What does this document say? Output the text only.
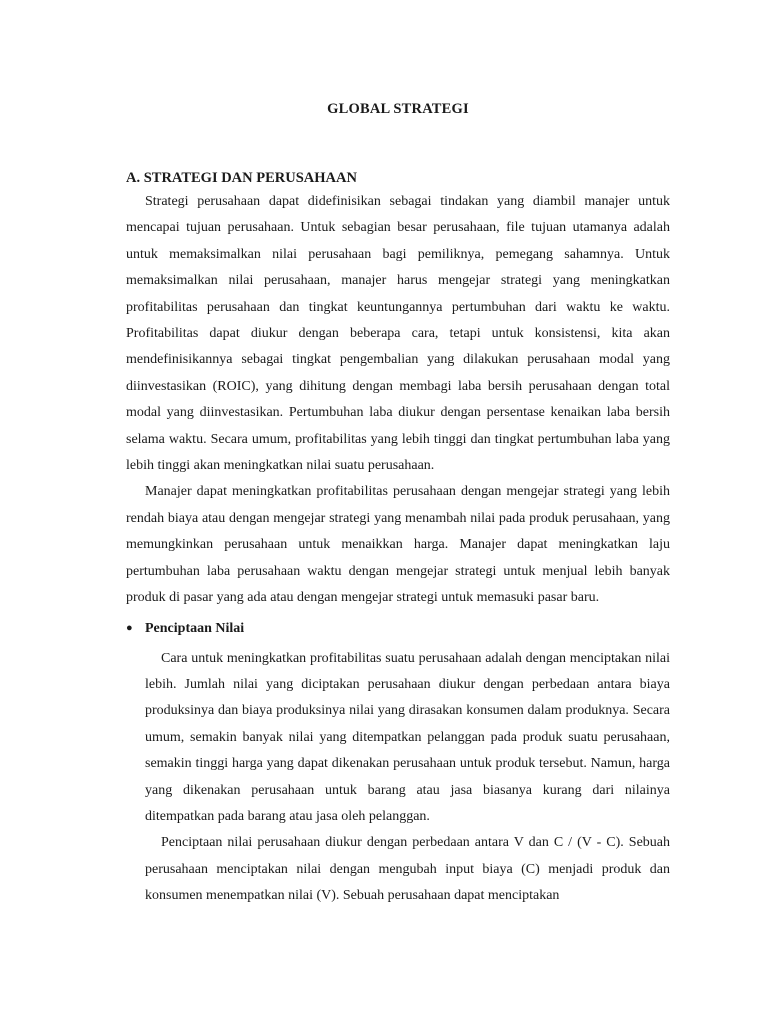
GLOBAL STRATEGI
A. STRATEGI DAN PERUSAHAAN

Strategi perusahaan dapat didefinisikan sebagai tindakan yang diambil manajer untuk mencapai tujuan perusahaan. Untuk sebagian besar perusahaan, file tujuan utamanya adalah untuk memaksimalkan nilai perusahaan bagi pemiliknya, pemegang sahamnya. Untuk memaksimalkan nilai perusahaan, manajer harus mengejar strategi yang meningkatkan profitabilitas perusahaan dan tingkat keuntungannya pertumbuhan dari waktu ke waktu. Profitabilitas dapat diukur dengan beberapa cara, tetapi untuk konsistensi, kita akan mendefinisikannya sebagai tingkat pengembalian yang dilakukan perusahaan modal yang diinvestasikan (ROIC), yang dihitung dengan membagi laba bersih perusahaan dengan total modal yang diinvestasikan. Pertumbuhan laba diukur dengan persentase kenaikan laba bersih selama waktu. Secara umum, profitabilitas yang lebih tinggi dan tingkat pertumbuhan laba yang lebih tinggi akan meningkatkan nilai suatu perusahaan.

Manajer dapat meningkatkan profitabilitas perusahaan dengan mengejar strategi yang lebih rendah biaya atau dengan mengejar strategi yang menambah nilai pada produk perusahaan, yang memungkinkan perusahaan untuk menaikkan harga. Manajer dapat meningkatkan laju pertumbuhan laba perusahaan waktu dengan mengejar strategi untuk menjual lebih banyak produk di pasar yang ada atau dengan mengejar strategi untuk memasuki pasar baru.

● Penciptaan Nilai

Cara untuk meningkatkan profitabilitas suatu perusahaan adalah dengan menciptakan nilai lebih. Jumlah nilai yang diciptakan perusahaan diukur dengan perbedaan antara biaya produksinya dan biaya produksinya nilai yang dirasakan konsumen dalam produknya. Secara umum, semakin banyak nilai yang ditempatkan pelanggan pada produk suatu perusahaan, semakin tinggi harga yang dapat dikenakan perusahaan untuk produk tersebut. Namun, harga yang dikenakan perusahaan untuk barang atau jasa biasanya kurang dari nilainya ditempatkan pada barang atau jasa oleh pelanggan.

Penciptaan nilai perusahaan diukur dengan perbedaan antara V dan C / (V - C). Sebuah perusahaan menciptakan nilai dengan mengubah input biaya (C) menjadi produk dan konsumen menempatkan nilai (V). Sebuah perusahaan dapat menciptakan
